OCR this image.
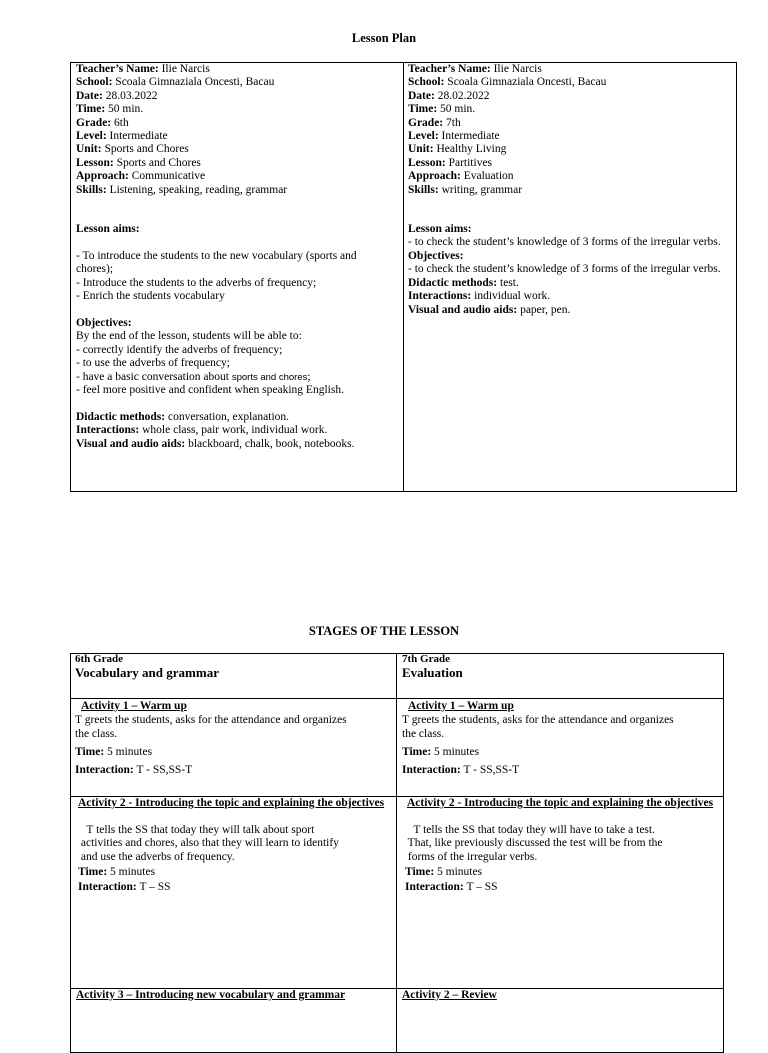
Lesson Plan
Teacher’s Name: Ilie Narcis
School: Scoala Gimnaziala Oncesti, Bacau
Date: 28.03.2022
Time: 50 min.
Grade: 6th
Level: Intermediate
Unit: Sports and Chores
Lesson: Sports and Chores
Approach: Communicative
Skills: Listening, speaking, reading, grammar
Lesson aims:
- To introduce the students to the new vocabulary (sports and
chores);
- Introduce the students to the adverbs of frequency;
- Enrich the students vocabulary
Objectives:
By the end of the lesson, students will be able to:
- correctly identify the adverbs of frequency;
- to use the adverbs of frequency;
- have a basic conversation about sports and chores;
- feel more positive and confident when speaking English.
Didactic methods: conversation, explanation.
Interactions: whole class, pair work, individual work.
Visual and audio aids: blackboard, chalk, book, notebooks.
Teacher’s Name: Ilie Narcis
School: Scoala Gimnaziala Oncesti, Bacau
Date: 28.02.2022
Time: 50 min.
Grade: 7th
Level: Intermediate
Unit: Healthy Living
Lesson: Partitives
Approach: Evaluation
Skills: writing, grammar
Lesson aims:
- to check the student’s knowledge of 3 forms of the irregular verbs.
Objectives:
- to check the student’s knowledge of 3 forms of the irregular verbs.
Didactic methods: test.
Interactions: individual work.
Visual and audio aids: paper, pen.
STAGES OF THE LESSON
6th Grade
Vocabulary and grammar
7th Grade
Evaluation
Activity 1 – Warm up
T greets the students, asks for the attendance and organizes
the class.
Time: 5 minutes
Interaction: T - SS,SS-T
Activity 1 – Warm up
T greets the students, asks for the attendance and organizes
the class.
Time: 5 minutes
Interaction: T - SS,SS-T
Activity 2 - Introducing the topic and explaining the objectives
T tells the SS that today they will talk about sport
activities and chores, also that they will learn to identify
and use the adverbs of frequency.
Time: 5 minutes
Interaction: T – SS
Activity 2 - Introducing the topic and explaining the objectives
T tells the SS that today they will have to take a test.
That, like previously discussed the test will be from the
forms of the irregular verbs.
Time: 5 minutes
Interaction: T – SS
Activity 3 – Introducing new vocabulary and grammar	Activity 2 – Review
